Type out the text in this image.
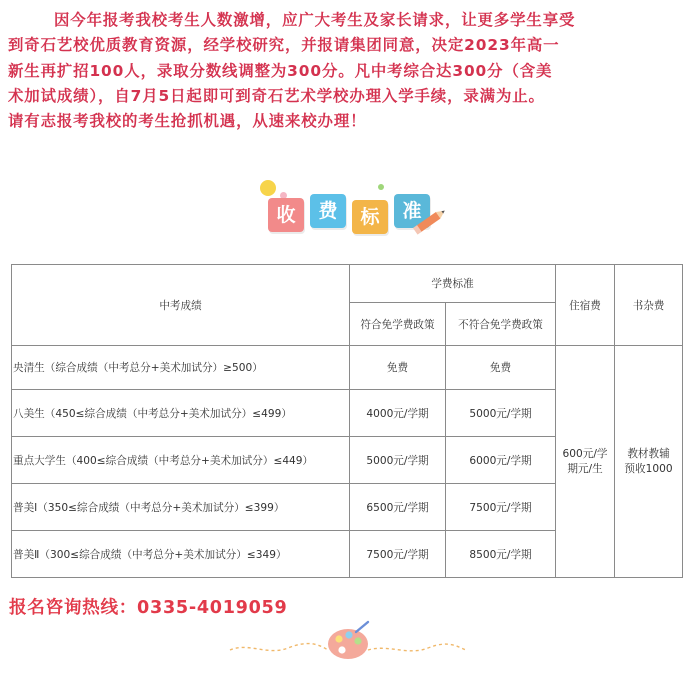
因今年报考我校考生人数激增，应广大考生及家长请求，让更多学生享受

到奇石艺校优质教育资源，经学校研究，并报请集团同意，决定2023年高一

新生再扩招100人，录取分数线调整为300分。凡中考综合达300分（含美

术加试成绩），自7月5日起即可到奇石艺术学校办理入学手续，录满为止。

请有志报考我校的考生抢抓机遇，从速来校办理！

收	费	标	准
中考成绩	学费标准		住宿费	书杂费
	符合免学费政策	不符合免学费政策		
央清生（综合成绩（中考总分+美术加试分）≥500）	免费	免费	600元/学期元/生	教材教辅预收1000

八美生（450≤综合成绩（中考总分+美术加试分）≤499）	4000元/学期	5000元/学期		
重点大学生（400≤综合成绩（中考总分+美术加试分）≤449）	5000元/学期	6000元/学期		
普美Ⅰ（350≤综合成绩（中考总分+美术加试分）≤399）	6500元/学期	7500元/学期		
普美Ⅱ（300≤综合成绩（中考总分+美术加试分）≤349）	7500元/学期	8500元/学期		
报名咨询热线：0335-4019059
